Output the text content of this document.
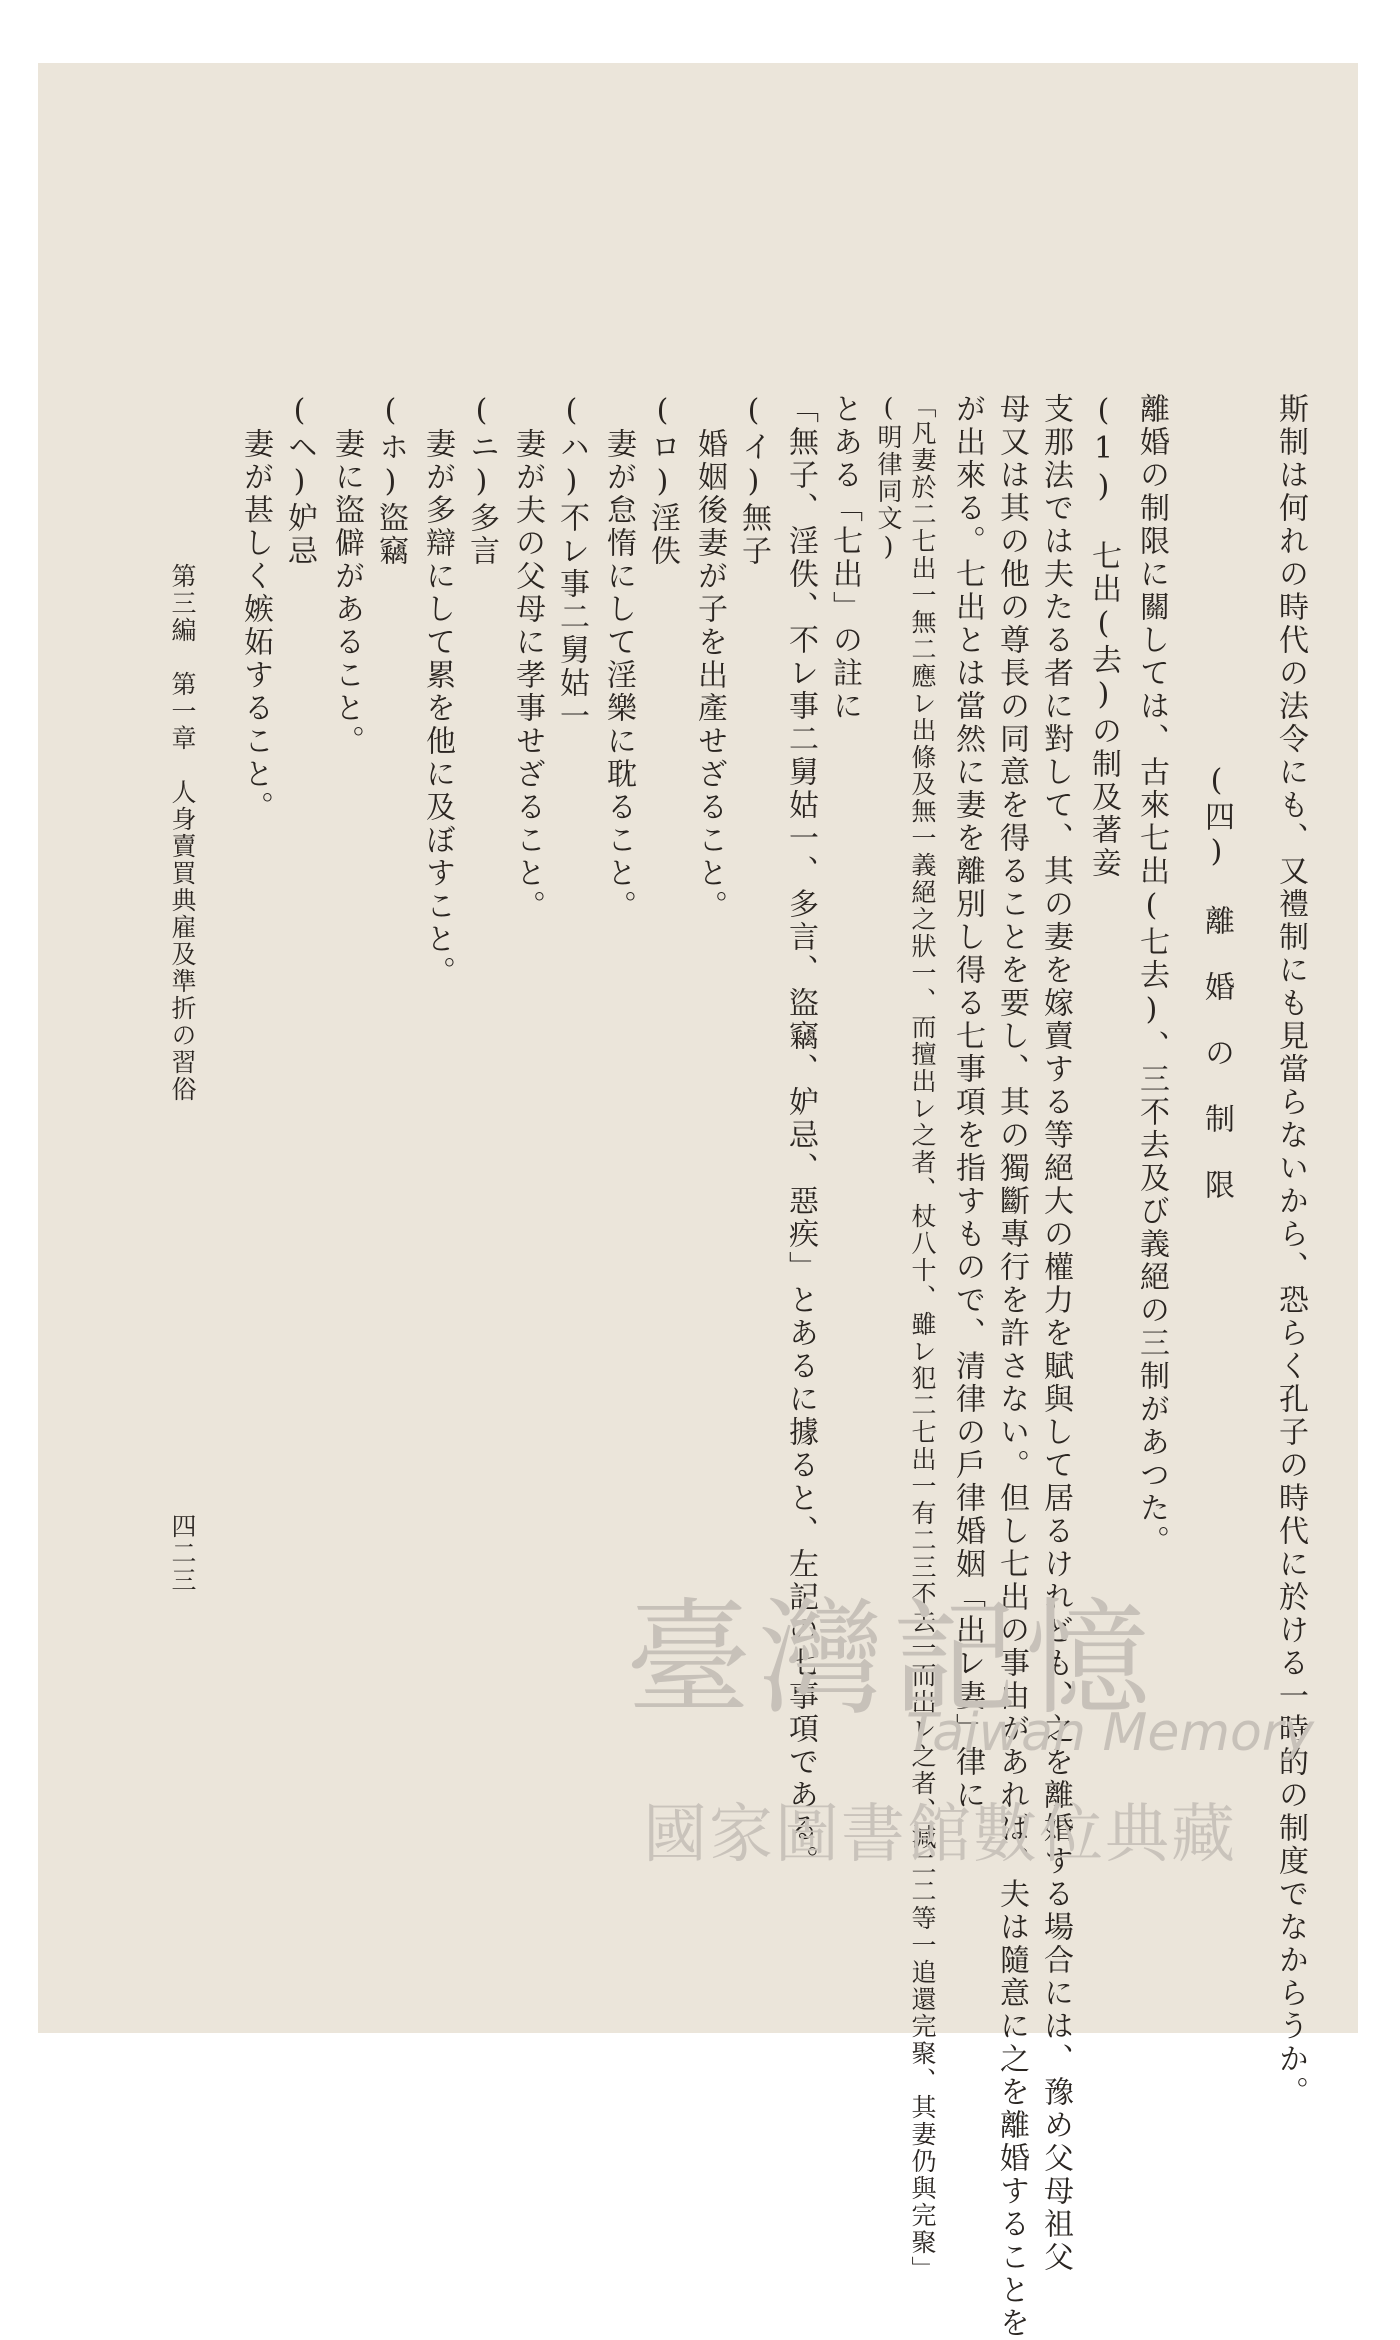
斯制は何れの時代の法令にも、又禮制にも見當らないから、恐らく孔子の時代に於ける一時的の制度でなからうか。
(四)　離　婚　の　制　限
離婚の制限に關しては、古來七出(七去)、三不去及び義絕の三制があつた。
(1)　七出(去)の制及著妾
支那法では夫たる者に對して、其の妻を嫁賣する等絕大の權力を賦與して居るけれども、之を離婚する場合には、豫め父母祖父
母又は其の他の尊長の同意を得ることを要し、其の獨斷專行を許さない。但し七出の事由があれば、夫は隨意に之を離婚することを
が出來る。七出とは當然に妻を離別し得る七事項を指すもので、清律の戶律婚姻「出レ妻」律に
「凡妻於二七出一無二應レ出條及無一義絕之狀一、而擅出レ之者、杖八十、雖レ犯二七出一有二三不去一而出レ之者、減二二等一追還完聚、其妻仍與完聚」
(明律同文)
とある「七出」の註に
「無子、淫佚、不レ事二舅姑一、多言、盜竊、妒忌、惡疾」とあるに據ると、左記の七事項である。
(イ)無子
婚姻後妻が子を出產せざること。
(ロ)淫佚
妻が怠惰にして淫樂に耽ること。
(ハ)不レ事二舅姑一
妻が夫の父母に孝事せざること。
(ニ)多言
妻が多辯にして累を他に及ぼすこと。
(ホ)盜竊
妻に盜僻があること。
(ヘ)妒忌
妻が甚しく嫉妬すること。
第三編　第一章　人身賣買典雇及準折の習俗
四二三
臺灣記憶
Taiwan Memory
國家圖書館數位典藏
